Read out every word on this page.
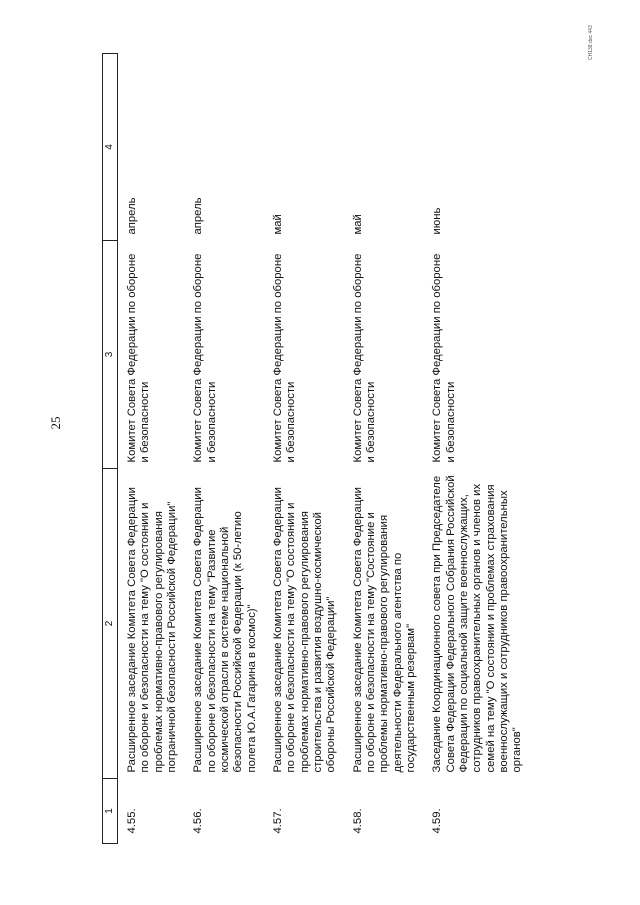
25
CH138.doc 443
1	2	3	4
4.55.	Расширенное заседание Комитета Совета Федерации по обороне и безопасности на тему "О состоянии и проблемах нормативно-правового регулирования пограничной безопасности Российской Федерации"	Комитет Совета Федерации по обороне и безопасности	апрель
4.56.	Расширенное заседание Комитета Совета Федерации по обороне и безопасности на тему "Развитие космической отрасли в системе национальной безопасности Российской Федерации (к 50-летию полета Ю.А.Гагарина в космос)"	Комитет Совета Федерации по обороне и безопасности	апрель
4.57.	Расширенное заседание Комитета Совета Федерации по обороне и безопасности на тему "О состоянии и проблемах нормативно-правового регулирования строительства и развития воздушно-космической обороны Российской Федерации"	Комитет Совета Федерации по обороне и безопасности	май
4.58.	Расширенное заседание Комитета Совета Федерации по обороне и безопасности на тему "Состояние и проблемы нормативно-правового регулирования деятельности Федерального агентства по государственным резервам"	Комитет Совета Федерации по обороне и безопасности	май
4.59.	Заседание Координационного совета при Председателе Совета Федерации Федерального Собрания Российской Федерации по социальной защите военнослужащих, сотрудников правоохранительных органов и членов их семей на тему "О состоянии и проблемах страхования военнослужащих и сотрудников правоохранительных органов"	Комитет Совета Федерации по обороне и безопасности	июнь
